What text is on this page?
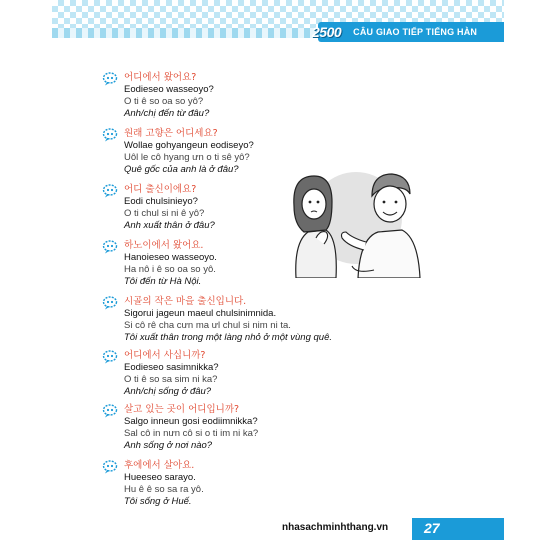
2500 CÂU GIAO TIẾP TIẾNG HÀN
어디에서 왔어요?
Eodieseo wasseoyo?
O ti ê so oa so yô?
Anh/chị đến từ đâu?
원래 고향은 어디세요?
Wollae gohyangeun eodiseyo?
Uôl le cô hyang ưn o ti sê yô?
Quê gốc của anh là ở đâu?
어디 출신이에요?
Eodi chulsinieyo?
O ti chul si ni ê yô?
Anh xuất thân ở đâu?
하노이에서 왔어요.
Hanoieseo wasseoyo.
Ha nô i ê so oa so yô.
Tôi đến từ Hà Nội.
시골의 작은 마을 출신입니다.
Sigorui jageun maeul chulsinimnida.
Si cô rê cha cưn ma ưl chul si nim ni ta.
Tôi xuất thân trong một làng nhỏ ở một vùng quê.
어디에서 사십니까?
Eodieseo sasimnikka?
O ti ê so sa sim ni ka?
Anh/chị sống ở đâu?
살고 있는 곳이 어디입니까?
Salgo inneun gosi eodiimnikka?
Sal cô in nưn cô si o ti im ni ka?
Anh sống ở nơi nào?
후에에서 살아요.
Hueeseo sarayo.
Hu ê ê so sa ra yô.
Tôi sống ở Huế.
nhasachminhthang.vn	27
